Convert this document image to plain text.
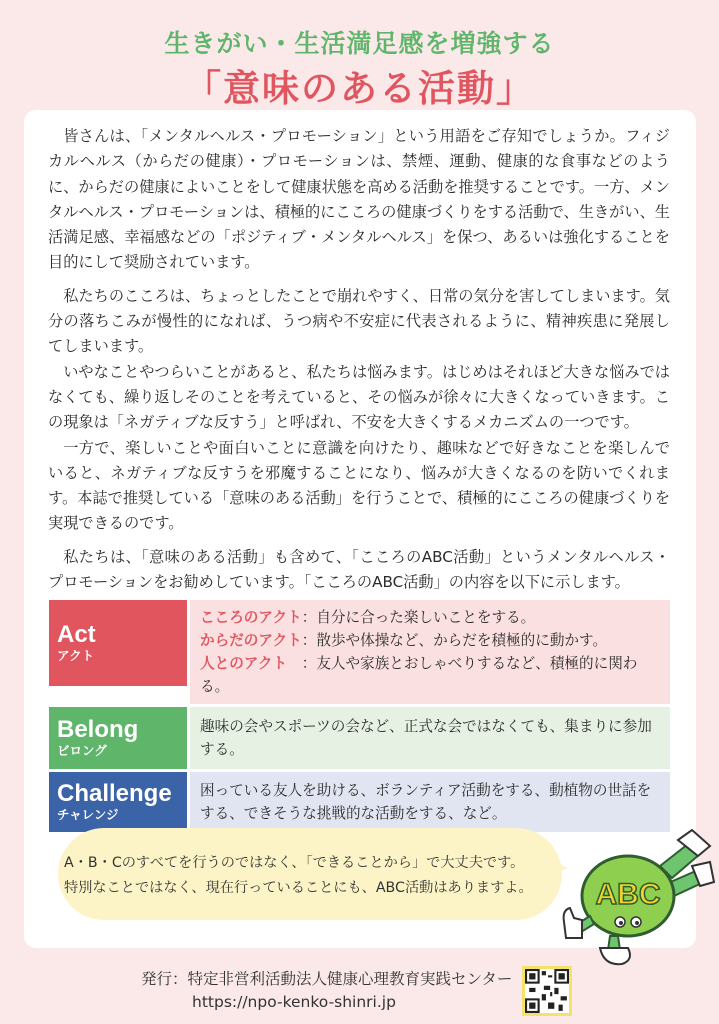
生きがい・生活満足感を増強する
「意味のある活動」

皆さんは、「メンタルヘルス・プロモーション」という用語をご存知でしょうか。フィジカルヘルス（からだの健康）・プロモーションは、禁煙、運動、健康的な食事などのように、からだの健康によいことをして健康状態を高める活動を推奨することです。一方、メンタルヘルス・プロモーションは、積極的にこころの健康づくりをする活動で、生きがい、生活満足感、幸福感などの「ポジティブ・メンタルヘルス」を保つ、あるいは強化することを目的にして奨励されています。

私たちのこころは、ちょっとしたことで崩れやすく、日常の気分を害してしまいます。気分の落ちこみが慢性的になれば、うつ病や不安症に代表されるように、精神疾患に発展してしまいます。

いやなことやつらいことがあると、私たちは悩みます。はじめはそれほど大きな悩みではなくても、繰り返しそのことを考えていると、その悩みが徐々に大きくなっていきます。この現象は「ネガティブな反すう」と呼ばれ、不安を大きくするメカニズムの一つです。

一方で、楽しいことや面白いことに意識を向けたり、趣味などで好きなことを楽しんでいると、ネガティブな反すうを邪魔することになり、悩みが大きくなるのを防いでくれます。本誌で推奨している「意味のある活動」を行うことで、積極的にこころの健康づくりを実現できるのです。

私たちは、「意味のある活動」も含めて、「こころのABC活動」というメンタルヘルス・プロモーションをお勧めしています。「こころのABC活動」の内容を以下に示します。

Act
アクト
こころのアクト：自分に合った楽しいことをする。
からだのアクト：散歩や体操など、からだを積極的に動かす。
人とのアクト　：友人や家族とおしゃべりするなど、積極的に関わる。
Belong
ビロング
趣味の会やスポーツの会など、正式な会ではなくても、集まりに参加する。
Challenge
チャレンジ
困っている友人を助ける、ボランティア活動をする、動植物の世話をする、できそうな挑戦的な活動をする、など。
A・B・Cのすべてを行うのではなく、「できることから」で大丈夫です。
特別なことではなく、現在行っていることにも、ABC活動はありますよ。	ABC
発行：特定非営利活動法人健康心理教育実践センター
https://npo-kenko-shinri.jp
